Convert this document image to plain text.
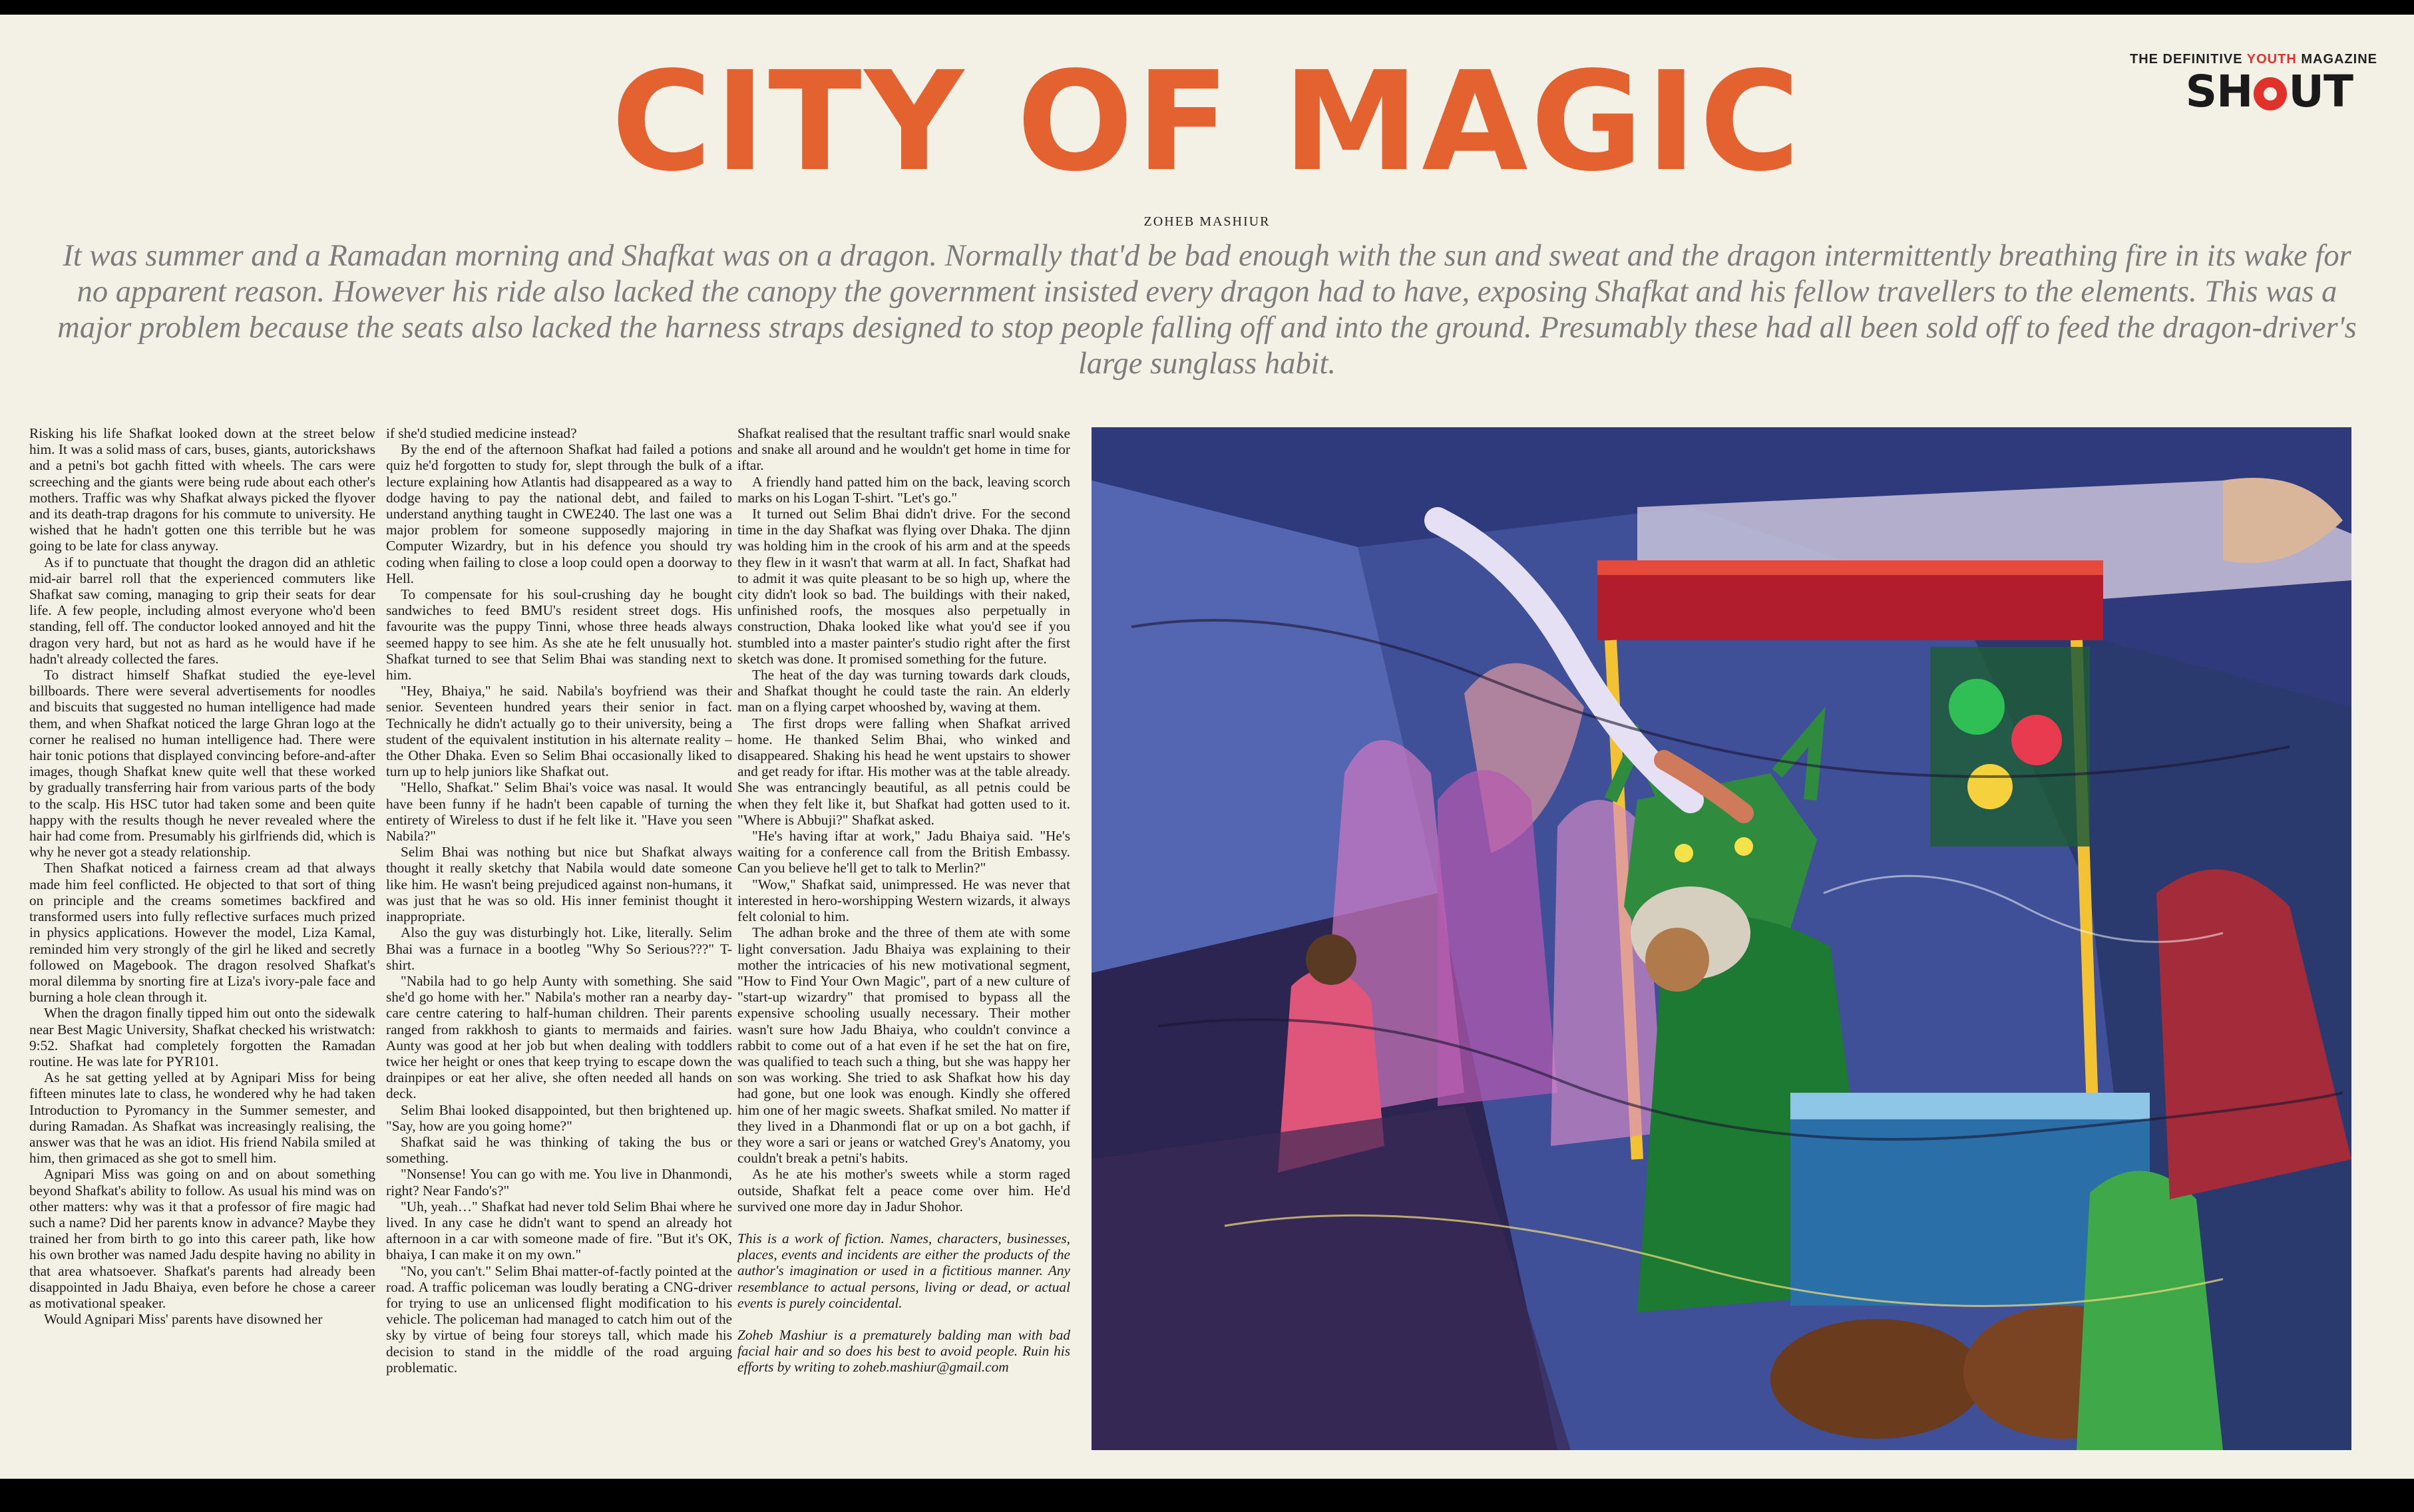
CITY OF MAGIC	THE DEFINITIVE YOUTH MAGAZINE
SH UT
ZOHEB MASHIUR

It was summer and a Ramadan morning and Shafkat was on a dragon. Normally that'd be bad enough with the sun and sweat and the dragon intermittently breathing fire in its wake for no apparent reason. However his ride also lacked the canopy the government insisted every dragon had to have, exposing Shafkat and his fellow travellers to the elements. This was a major problem because the seats also lacked the harness straps designed to stop people falling off and into the ground. Presumably these had all been sold off to feed the dragon-driver's large sunglass habit.

Risking his life Shafkat looked down at the street below him. It was a solid mass of cars, buses, giants, autorickshaws and a petni's bot gachh fitted with wheels. The cars were screeching and the giants were being rude about each other's mothers. Traffic was why Shafkat always picked the flyover and its death-trap dragons for his commute to university. He wished that he hadn't gotten one this terrible but he was going to be late for class anyway.

As if to punctuate that thought the dragon did an athletic mid-air barrel roll that the experienced commuters like Shafkat saw coming, managing to grip their seats for dear life. A few people, including almost everyone who'd been standing, fell off. The conductor looked annoyed and hit the dragon very hard, but not as hard as he would have if he hadn't already collected the fares.

To distract himself Shafkat studied the eye-level billboards. There were several advertisements for noodles and biscuits that suggested no human intelligence had made them, and when Shafkat noticed the large Ghran logo at the corner he realised no human intelligence had. There were hair tonic potions that displayed convincing before-and-after images, though Shafkat knew quite well that these worked by gradually transferring hair from various parts of the body to the scalp. His HSC tutor had taken some and been quite happy with the results though he never revealed where the hair had come from. Presumably his girlfriends did, which is why he never got a steady relationship.

Then Shafkat noticed a fairness cream ad that always made him feel conflicted. He objected to that sort of thing on principle and the creams sometimes backfired and transformed users into fully reflective surfaces much prized in physics applications. However the model, Liza Kamal, reminded him very strongly of the girl he liked and secretly followed on Magebook. The dragon resolved Shafkat's moral dilemma by snorting fire at Liza's ivory-pale face and burning a hole clean through it.

When the dragon finally tipped him out onto the sidewalk near Best Magic University, Shafkat checked his wristwatch: 9:52. Shafkat had completely forgotten the Ramadan routine. He was late for PYR101.

As he sat getting yelled at by Agnipari Miss for being fifteen minutes late to class, he wondered why he had taken Introduction to Pyromancy in the Summer semester, and during Ramadan. As Shafkat was increasingly realising, the answer was that he was an idiot. His friend Nabila smiled at him, then grimaced as she got to smell him.

Agnipari Miss was going on and on about something beyond Shafkat's ability to follow. As usual his mind was on other matters: why was it that a professor of fire magic had such a name? Did her parents know in advance? Maybe they trained her from birth to go into this career path, like how his own brother was named Jadu despite having no ability in that area whatsoever. Shafkat's parents had already been disappointed in Jadu Bhaiya, even before he chose a career as motivational speaker.

Would Agnipari Miss' parents have disowned her

if she'd studied medicine instead?

By the end of the afternoon Shafkat had failed a potions quiz he'd forgotten to study for, slept through the bulk of a lecture explaining how Atlantis had disappeared as a way to dodge having to pay the national debt, and failed to understand anything taught in CWE240. The last one was a major problem for someone supposedly majoring in Computer Wizardry, but in his defence you should try coding when failing to close a loop could open a doorway to Hell.

To compensate for his soul-crushing day he bought sandwiches to feed BMU's resident street dogs. His favourite was the puppy Tinni, whose three heads always seemed happy to see him. As she ate he felt unusually hot. Shafkat turned to see that Selim Bhai was standing next to him.

"Hey, Bhaiya," he said. Nabila's boyfriend was their senior. Seventeen hundred years their senior in fact. Technically he didn't actually go to their university, being a student of the equivalent institution in his alternate reality – the Other Dhaka. Even so Selim Bhai occasionally liked to turn up to help juniors like Shafkat out.

"Hello, Shafkat." Selim Bhai's voice was nasal. It would have been funny if he hadn't been capable of turning the entirety of Wireless to dust if he felt like it. "Have you seen Nabila?"

Selim Bhai was nothing but nice but Shafkat always thought it really sketchy that Nabila would date someone like him. He wasn't being prejudiced against non-humans, it was just that he was so old. His inner feminist thought it inappropriate.

Also the guy was disturbingly hot. Like, literally. Selim Bhai was a furnace in a bootleg "Why So Serious???" T-shirt.

"Nabila had to go help Aunty with something. She said she'd go home with her." Nabila's mother ran a nearby day-care centre catering to half-human children. Their parents ranged from rakkhosh to giants to mermaids and fairies. Aunty was good at her job but when dealing with toddlers twice her height or ones that keep trying to escape down the drainpipes or eat her alive, she often needed all hands on deck.

Selim Bhai looked disappointed, but then brightened up. "Say, how are you going home?"

Shafkat said he was thinking of taking the bus or something.

"Nonsense! You can go with me. You live in Dhanmondi, right? Near Fando's?"

"Uh, yeah…" Shafkat had never told Selim Bhai where he lived. In any case he didn't want to spend an already hot afternoon in a car with someone made of fire. "But it's OK, bhaiya, I can make it on my own."

"No, you can't." Selim Bhai matter-of-factly pointed at the road. A traffic policeman was loudly berating a CNG-driver for trying to use an unlicensed flight modification to his vehicle. The policeman had managed to catch him out of the sky by virtue of being four storeys tall, which made his decision to stand in the middle of the road arguing problematic.

Shafkat realised that the resultant traffic snarl would snake and snake all around and he wouldn't get home in time for iftar.

A friendly hand patted him on the back, leaving scorch marks on his Logan T-shirt. "Let's go."

It turned out Selim Bhai didn't drive. For the second time in the day Shafkat was flying over Dhaka. The djinn was holding him in the crook of his arm and at the speeds they flew in it wasn't that warm at all. In fact, Shafkat had to admit it was quite pleasant to be so high up, where the city didn't look so bad. The buildings with their naked, unfinished roofs, the mosques also perpetually in construction, Dhaka looked like what you'd see if you stumbled into a master painter's studio right after the first sketch was done. It promised something for the future.

The heat of the day was turning towards dark clouds, and Shafkat thought he could taste the rain. An elderly man on a flying carpet whooshed by, waving at them.

The first drops were falling when Shafkat arrived home. He thanked Selim Bhai, who winked and disappeared. Shaking his head he went upstairs to shower and get ready for iftar. His mother was at the table already. She was entrancingly beautiful, as all petnis could be when they felt like it, but Shafkat had gotten used to it. "Where is Abbuji?" Shafkat asked.

"He's having iftar at work," Jadu Bhaiya said. "He's waiting for a conference call from the British Embassy. Can you believe he'll get to talk to Merlin?"

"Wow," Shafkat said, unimpressed. He was never that interested in hero-worshipping Western wizards, it always felt colonial to him.

The adhan broke and the three of them ate with some light conversation. Jadu Bhaiya was explaining to their mother the intricacies of his new motivational segment, "How to Find Your Own Magic", part of a new culture of "start-up wizardry" that promised to bypass all the expensive schooling usually necessary. Their mother wasn't sure how Jadu Bhaiya, who couldn't convince a rabbit to come out of a hat even if he set the hat on fire, was qualified to teach such a thing, but she was happy her son was working. She tried to ask Shafkat how his day had gone, but one look was enough. Kindly she offered him one of her magic sweets. Shafkat smiled. No matter if they lived in a Dhanmondi flat or up on a bot gachh, if they wore a sari or jeans or watched Grey's Anatomy, you couldn't break a petni's habits.

As he ate his mother's sweets while a storm raged outside, Shafkat felt a peace come over him. He'd survived one more day in Jadur Shohor.

This is a work of fiction. Names, characters, businesses, places, events and incidents are either the products of the author's imagination or used in a fictitious manner. Any resemblance to actual persons, living or dead, or actual events is purely coincidental.

Zoheb Mashiur is a prematurely balding man with bad facial hair and so does his best to avoid people. Ruin his efforts by writing to zoheb.mashiur@gmail.com
